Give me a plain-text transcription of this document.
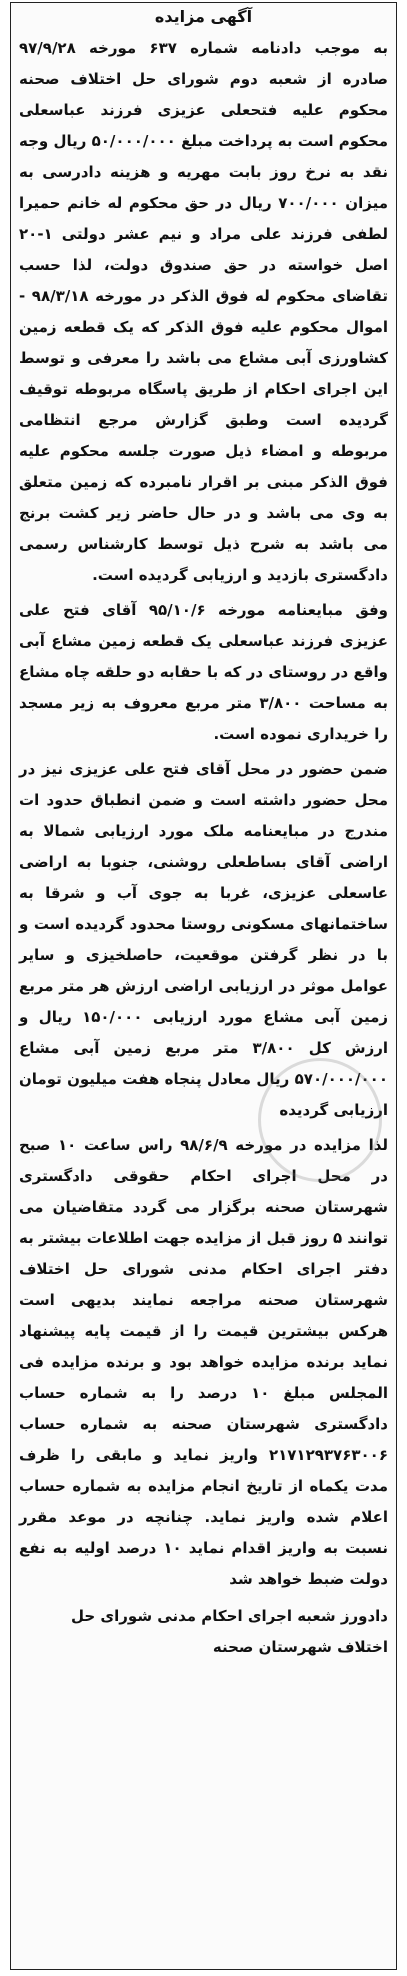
آگهی مزایده

به موجب دادنامه شماره ۶۳۷ مورخه ۹۷/۹/۲۸ صادره از شعبه دوم شورای حل اختلاف صحنه محکوم علیه فتحعلی عزیزی فرزند عباسعلی محکوم است به پرداخت مبلغ ۵۰/۰۰۰/۰۰۰ ریال وجه نقد به نرخ روز بابت مهریه و هزینه دادرسی به میزان ۷۰۰/۰۰۰ ریال در حق محکوم له خانم حمیرا لطفی فرزند علی مراد و نیم عشر دولتی ۱-۲۰ اصل خواسته در حق صندوق دولت، لذا حسب تقاضای محکوم له فوق الذکر در مورخه ۹۸/۳/۱۸ - اموال محکوم علیه فوق الذکر که یک قطعه زمین کشاورزی آبی مشاع می باشد را معرفی و توسط این اجرای احکام از طریق پاسگاه مربوطه توقیف گردیده است وطبق گزارش مرجع انتظامی مربوطه و امضاء ذیل صورت جلسه محکوم علیه فوق الذکر مبنی بر اقرار نامبرده که زمین متعلق به وی می باشد و در حال حاضر زیر کشت برنج می باشد به شرح ذیل توسط کارشناس رسمی دادگستری بازدید و ارزیابی گردیده است.

وفق مبایعنامه مورخه ۹۵/۱۰/۶ آقای فتح علی عزیزی فرزند عباسعلی یک قطعه زمین مشاع آبی واقع در روستای در که با حقابه دو حلقه چاه مشاع به مساحت ۳/۸۰۰ متر مربع معروف به زیر مسجد را خریداری نموده است.

ضمن حضور در محل آقای فتح علی عزیزی نیز در محل حضور داشته است و ضمن انطباق حدود ات مندرج در مبایعنامه ملک مورد ارزیابی شمالا به اراضی آقای بساطعلی روشنی، جنوبا به اراضی عاسعلی عزیزی، غربا به جوی آب و شرقا به ساختمانهای مسکونی روستا محدود گردیده است و با در نظر گرفتن موقعیت، حاصلخیزی و سایر عوامل موثر در ارزیابی اراضی ارزش هر متر مربع زمین آبی مشاع مورد ارزیابی ۱۵۰/۰۰۰ ریال و ارزش کل ۳/۸۰۰ متر مربع زمین آبی مشاع ۵۷۰/۰۰۰/۰۰۰ ریال معادل پنجاه هفت میلیون تومان ارزیابی گردیده

لذا مزایده در مورخه ۹۸/۶/۹ راس ساعت ۱۰ صبح در محل اجرای احکام حقوقی دادگستری شهرستان صحنه برگزار می گردد متقاضیان می توانند ۵ روز قبل از مزایده جهت اطلاعات بیشتر به دفتر اجرای احکام مدنی شورای حل اختلاف شهرستان صحنه مراجعه نمایند بدیهی است هرکس بیشترین قیمت را از قیمت پایه پیشنهاد نماید برنده مزایده خواهد بود و برنده مزایده فی المجلس مبلغ ۱۰ درصد را به شماره حساب دادگستری شهرستان صحنه به شماره حساب ۲۱۷۱۲۹۳۷۶۳۰۰۶ واریز نماید و مابقی را ظرف مدت یکماه از تاریخ انجام مزایده به شماره حساب اعلام شده واریز نماید. چنانچه در موعد مقرر نسبت به واریز اقدام نماید ۱۰ درصد اولیه به نفع دولت ضبط خواهد شد

دادورز شعبه اجرای احکام مدنی شورای حل اختلاف شهرستان صحنه
